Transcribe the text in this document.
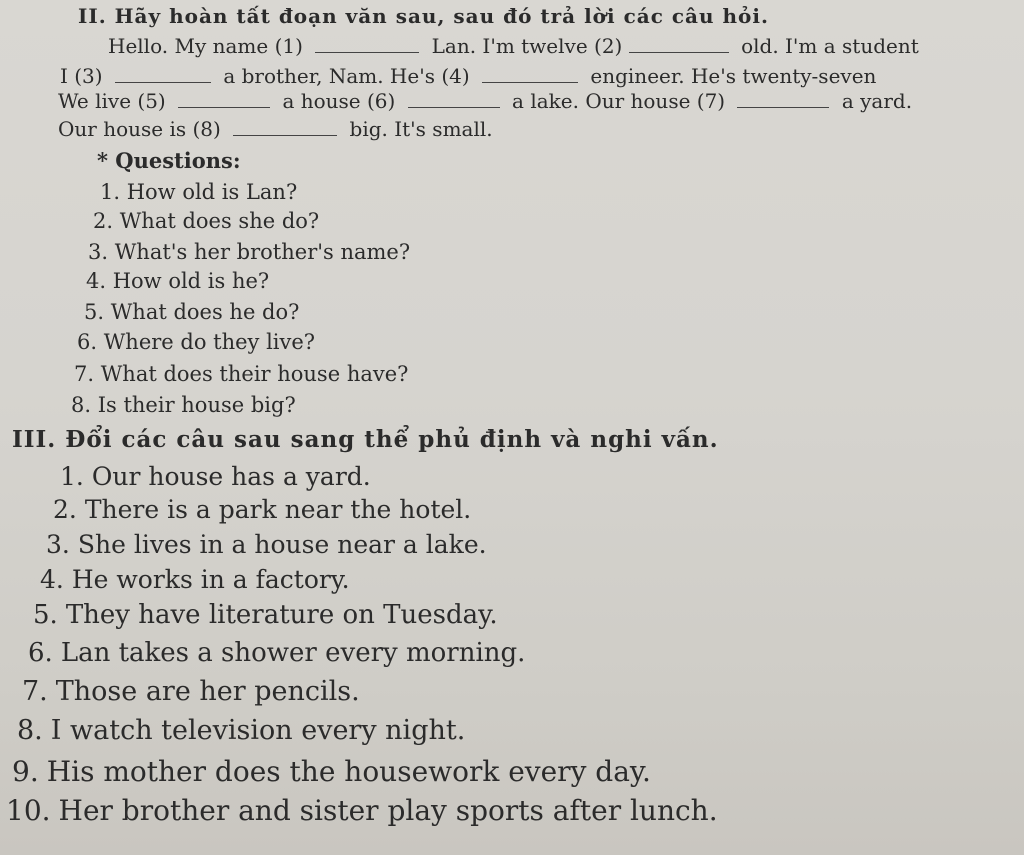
II. Hãy hoàn tất đoạn văn sau, sau đó trả lời các câu hỏi.
Hello. My name (1)	Lan. I'm twelve (2)	old. I'm a student
I (3)	a brother, Nam. He's (4)	engineer. He's twenty-seven
We live (5)	a house (6)	a lake. Our house (7)	a yard.
Our house is (8)	big. It's small.
* Questions:
1. How old is Lan?
2. What does she do?
3. What's her brother's name?
4. How old is he?
5. What does he do?
6. Where do they live?
7. What does their house have?
8. Is their house big?
III. Đổi các câu sau sang thể phủ định và nghi vấn.
1. Our house has a yard.
2. There is a park near the hotel.
3. She lives in a house near a lake.
4. He works in a factory.
5. They have literature on Tuesday.
6. Lan takes a shower every morning.
7. Those are her pencils.
8. I watch television every night.
9. His mother does the housework every day.
10. Her brother and sister play sports after lunch.
